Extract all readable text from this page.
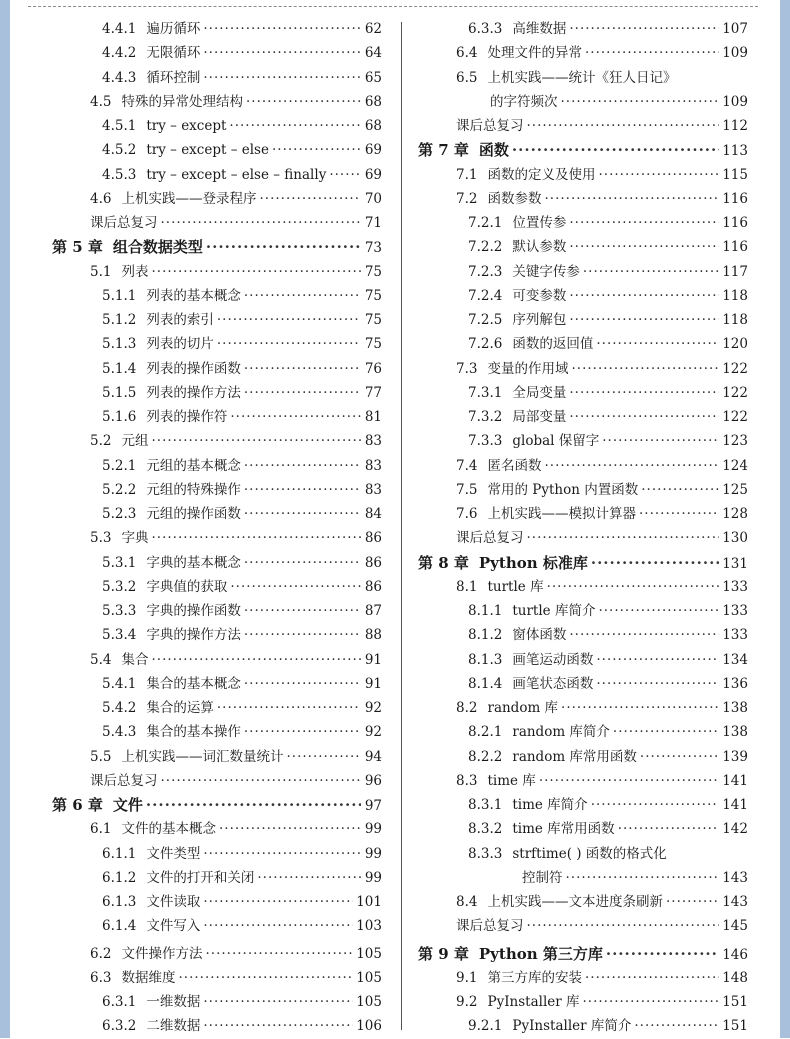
4.4.1 遍历循环 ·····	62
4.4.2 无限循环 ·····	64
4.4.3 循环控制 ·····	65
4.5 特殊的异常处理结构 ·····	68
4.5.1 try – except ·····	68
4.5.2 try – except – else ·····	69
4.5.3 try – except – else – finally ·····	69
4.6 上机实践——登录程序 ·····	70
课后总复习 ·····	71
第 5 章 组合数据类型 ·····	73
5.1 列表 ·····	75
5.1.1 列表的基本概念 ·····	75
5.1.2 列表的索引 ·····	75
5.1.3 列表的切片 ·····	75
5.1.4 列表的操作函数 ·····	76
5.1.5 列表的操作方法 ·····	77
5.1.6 列表的操作符 ·····	81
5.2 元组 ·····	83
5.2.1 元组的基本概念 ·····	83
5.2.2 元组的特殊操作 ·····	83
5.2.3 元组的操作函数 ·····	84
5.3 字典 ·····	86
5.3.1 字典的基本概念 ·····	86
5.3.2 字典值的获取 ·····	86
5.3.3 字典的操作函数 ·····	87
5.3.4 字典的操作方法 ·····	88
5.4 集合 ·····	91
5.4.1 集合的基本概念 ·····	91
5.4.2 集合的运算 ·····	92
5.4.3 集合的基本操作 ·····	92
5.5 上机实践——词汇数量统计 ·····	94
课后总复习 ·····	96
第 6 章 文件 ·····	97
6.1 文件的基本概念 ·····	99
6.1.1 文件类型 ·····	99
6.1.2 文件的打开和关闭 ·····	99
6.1.3 文件读取 ·····	101
6.1.4 文件写入 ·····	103
6.2 文件操作方法 ·····	105
6.3 数据维度 ·····	105
6.3.1 一维数据 ·····	105
6.3.2 二维数据 ·····	106
6.3.3 高维数据 ·····	107
6.4 处理文件的异常 ·····	109
6.5 上机实践——统计《狂人日记》
的字符频次 ·····	109
课后总复习 ·····	112
第 7 章 函数 ·····	113
7.1 函数的定义及使用 ·····	115
7.2 函数参数 ·····	116
7.2.1 位置传参 ·····	116
7.2.2 默认参数 ·····	116
7.2.3 关键字传参 ·····	117
7.2.4 可变参数 ·····	118
7.2.5 序列解包 ·····	118
7.2.6 函数的返回值 ·····	120
7.3 变量的作用域 ·····	122
7.3.1 全局变量 ·····	122
7.3.2 局部变量 ·····	122
7.3.3 global 保留字 ·····	123
7.4 匿名函数 ·····	124
7.5 常用的 Python 内置函数 ·····	125
7.6 上机实践——模拟计算器 ·····	128
课后总复习 ·····	130
第 8 章 Python 标准库 ·····	131
8.1 turtle 库 ·····	133
8.1.1 turtle 库简介 ·····	133
8.1.2 窗体函数 ·····	133
8.1.3 画笔运动函数 ·····	134
8.1.4 画笔状态函数 ·····	136
8.2 random 库 ·····	138
8.2.1 random 库简介 ·····	138
8.2.2 random 库常用函数 ·····	139
8.3 time 库 ·····	141
8.3.1 time 库简介 ·····	141
8.3.2 time 库常用函数 ·····	142
8.3.3 strftime( ) 函数的格式化
控制符 ·····	143
8.4 上机实践——文本进度条刷新 ·····	143
课后总复习 ·····	145
第 9 章 Python 第三方库 ·····	146
9.1 第三方库的安装 ·····	148
9.2 PyInstaller 库 ·····	151
9.2.1 PyInstaller 库简介 ·····	151
